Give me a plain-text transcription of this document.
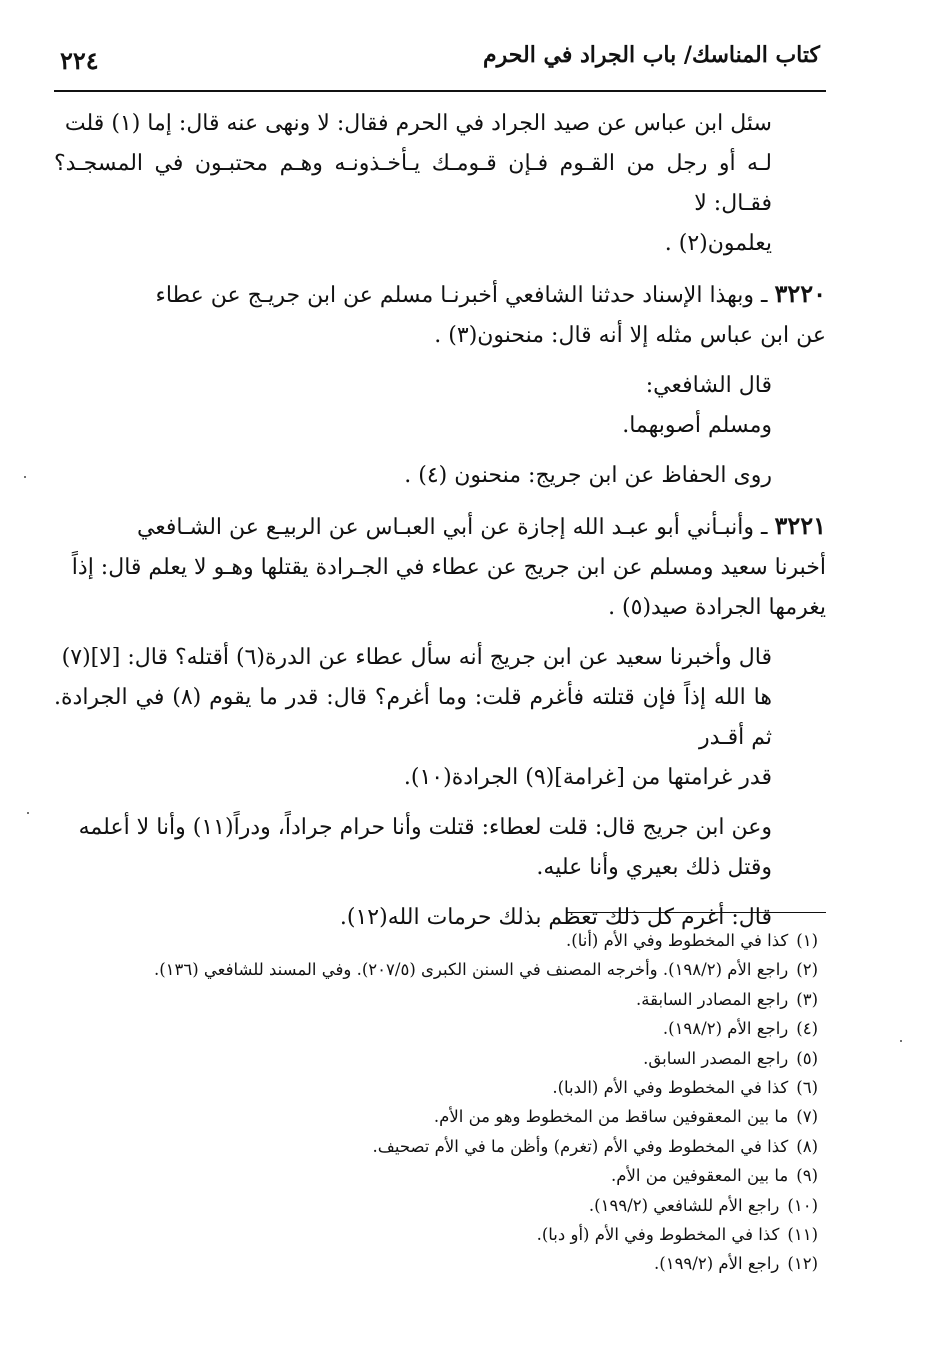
كتاب المناسك/ باب الجراد في الحرم
٢٢٤

سئل ابن عباس عن صيد الجراد في الحرم فقال: لا ونهى عنه قال: إما (١) قلت
لـه أو رجل من القـوم فـإن قـومـك يـأخـذونـه وهـم محتبـون في المسجـد؟ فقـال: لا
يعلمون(٢) .

٣٢٢٠ ـ وبهذا الإسناد حدثنا الشافعي أخبرنـا مسلم عن ابن جريـج عن عطاء
عن ابن عباس مثله إلا أنه قال: منحنون(٣) .

قال الشافعي:
ومسلم أصوبهما.

روى الحفاظ عن ابن جريج: منحنون (٤) .

٣٢٢١ ـ وأنبـأني أبو عبـد الله إجازة عن أبي العبـاس عن الربيـع عن الشـافعي
أخبرنا سعيد ومسلم عن ابن جريج عن عطاء في الجـرادة يقتلها وهـو لا يعلم قال: إذاً
يغرمها الجرادة صيد(٥) .

قال وأخبرنا سعيد عن ابن جريج أنه سأل عطاء عن الدرة(٦) أقتله؟ قال: [لا](٧)
ها الله إذاً فإن قتلته فأغرم قلت: وما أغرم؟ قال: قدر ما يقوم (٨) في الجرادة. ثم أقـدر
قدر غرامتها من [غرامة](٩) الجرادة(١٠).

وعن ابن جريج قال: قلت لعطاء: قتلت وأنا حرام جراداً، ودراً(١١) وأنا لا أعلمه
وقتل ذلك بعيري وأنا عليه.

قال: أغرم كل ذلك تعظم بذلك حرمات الله(١٢).

(١)كذا في المخطوط وفي الأم (أنا).
(٢)راجع الأم (١٩٨/٢). وأخرجه المصنف في السنن الكبرى (٢٠٧/٥). وفي المسند للشافعي (١٣٦).
(٣)راجع المصادر السابقة.
(٤)راجع الأم (١٩٨/٢).
(٥)راجع المصدر السابق.
(٦)كذا في المخطوط وفي الأم (الدبا).
(٧)ما بين المعقوفين ساقط من المخطوط وهو من الأم.
(٨)كذا في المخطوط وفي الأم (تغرم) وأظن ما في الأم تصحيف.
(٩)ما بين المعقوفين من الأم.
(١٠)راجع الأم للشافعي (١٩٩/٢).
(١١)كذا في المخطوط وفي الأم (أو دبا).
(١٢)راجع الأم (١٩٩/٢).
